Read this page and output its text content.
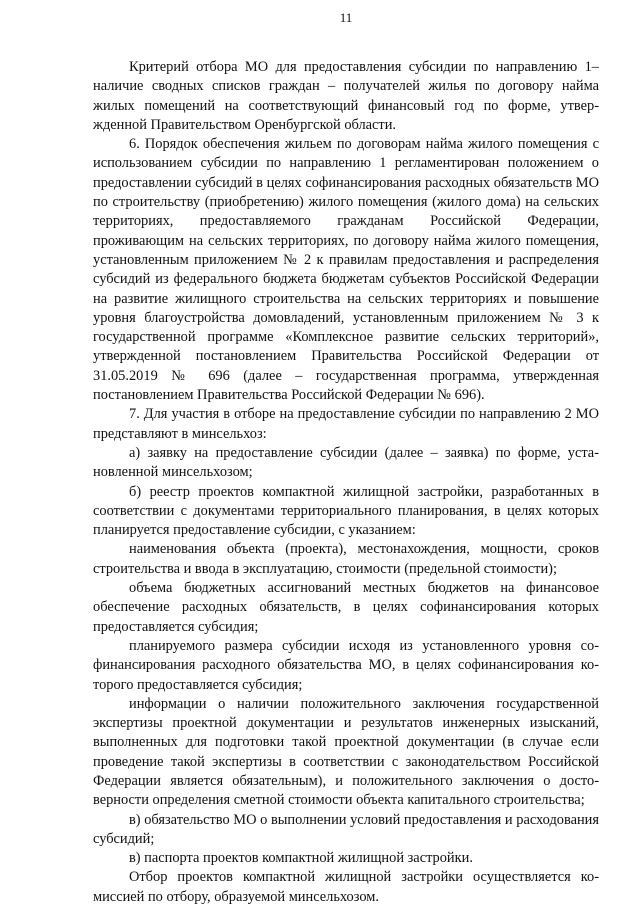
11

Критерий отбора МО для предоставления субсидии по направлению 1– наличие сводных списков граждан – получателей жилья по договору найма жилых помещений на соответствующий финансовый год по форме, утвержденной Правительством Оренбургской области.

6. Порядок обеспечения жильем по договорам найма жилого помещения с использованием субсидии по направлению 1 регламентирован положением о предоставлении субсидий в целях софинансирования расходных обязательств МО по строительству (приобретению) жилого помещения (жилого дома) на сельских территориях, предоставляемого гражданам Российской Федерации, проживающим на сельских территориях, по договору найма жилого помещения, установленным приложением № 2 к правилам предоставления и распределения субсидий из федерального бюджета бюджетам субъектов Российской Федерации на развитие жилищного строительства на сельских территориях и повышение уровня благоустройства домовладений, установленным приложением № 3 к государственной программе «Комплексное развитие сельских территорий», утвержденной постановлением Правительства Российской Федерации от 31.05.2019 № 696 (далее – государственная программа, утвержденная постановлением Правительства Российской Федерации № 696).

7. Для участия в отборе на предоставление субсидии по направлению 2 МО представляют в минсельхоз:

а) заявку на предоставление субсидии (далее – заявка) по форме, установленной минсельхозом;

б) реестр проектов компактной жилищной застройки, разработанных в соответствии с документами территориального планирования, в целях которых планируется предоставление субсидии, с указанием:

наименования объекта (проекта), местонахождения, мощности, сроков строительства и ввода в эксплуатацию, стоимости (предельной стоимости);

объема бюджетных ассигнований местных бюджетов на финансовое обеспечение расходных обязательств, в целях софинансирования которых предоставляется субсидия;

планируемого размера субсидии исходя из установленного уровня софинансирования расходного обязательства МО, в целях софинансирования которого предоставляется субсидия;

информации о наличии положительного заключения государственной экспертизы проектной документации и результатов инженерных изысканий, выполненных для подготовки такой проектной документации (в случае если проведение такой экспертизы в соответствии с законодательством Российской Федерации является обязательным), и положительного заключения о достоверности определения сметной стоимости объекта капитального строительства;

в) обязательство МО о выполнении условий предоставления и расходования субсидий;

в) паспорта проектов компактной жилищной застройки.

Отбор проектов компактной жилищной застройки осуществляется комиссией по отбору, образуемой минсельхозом.
